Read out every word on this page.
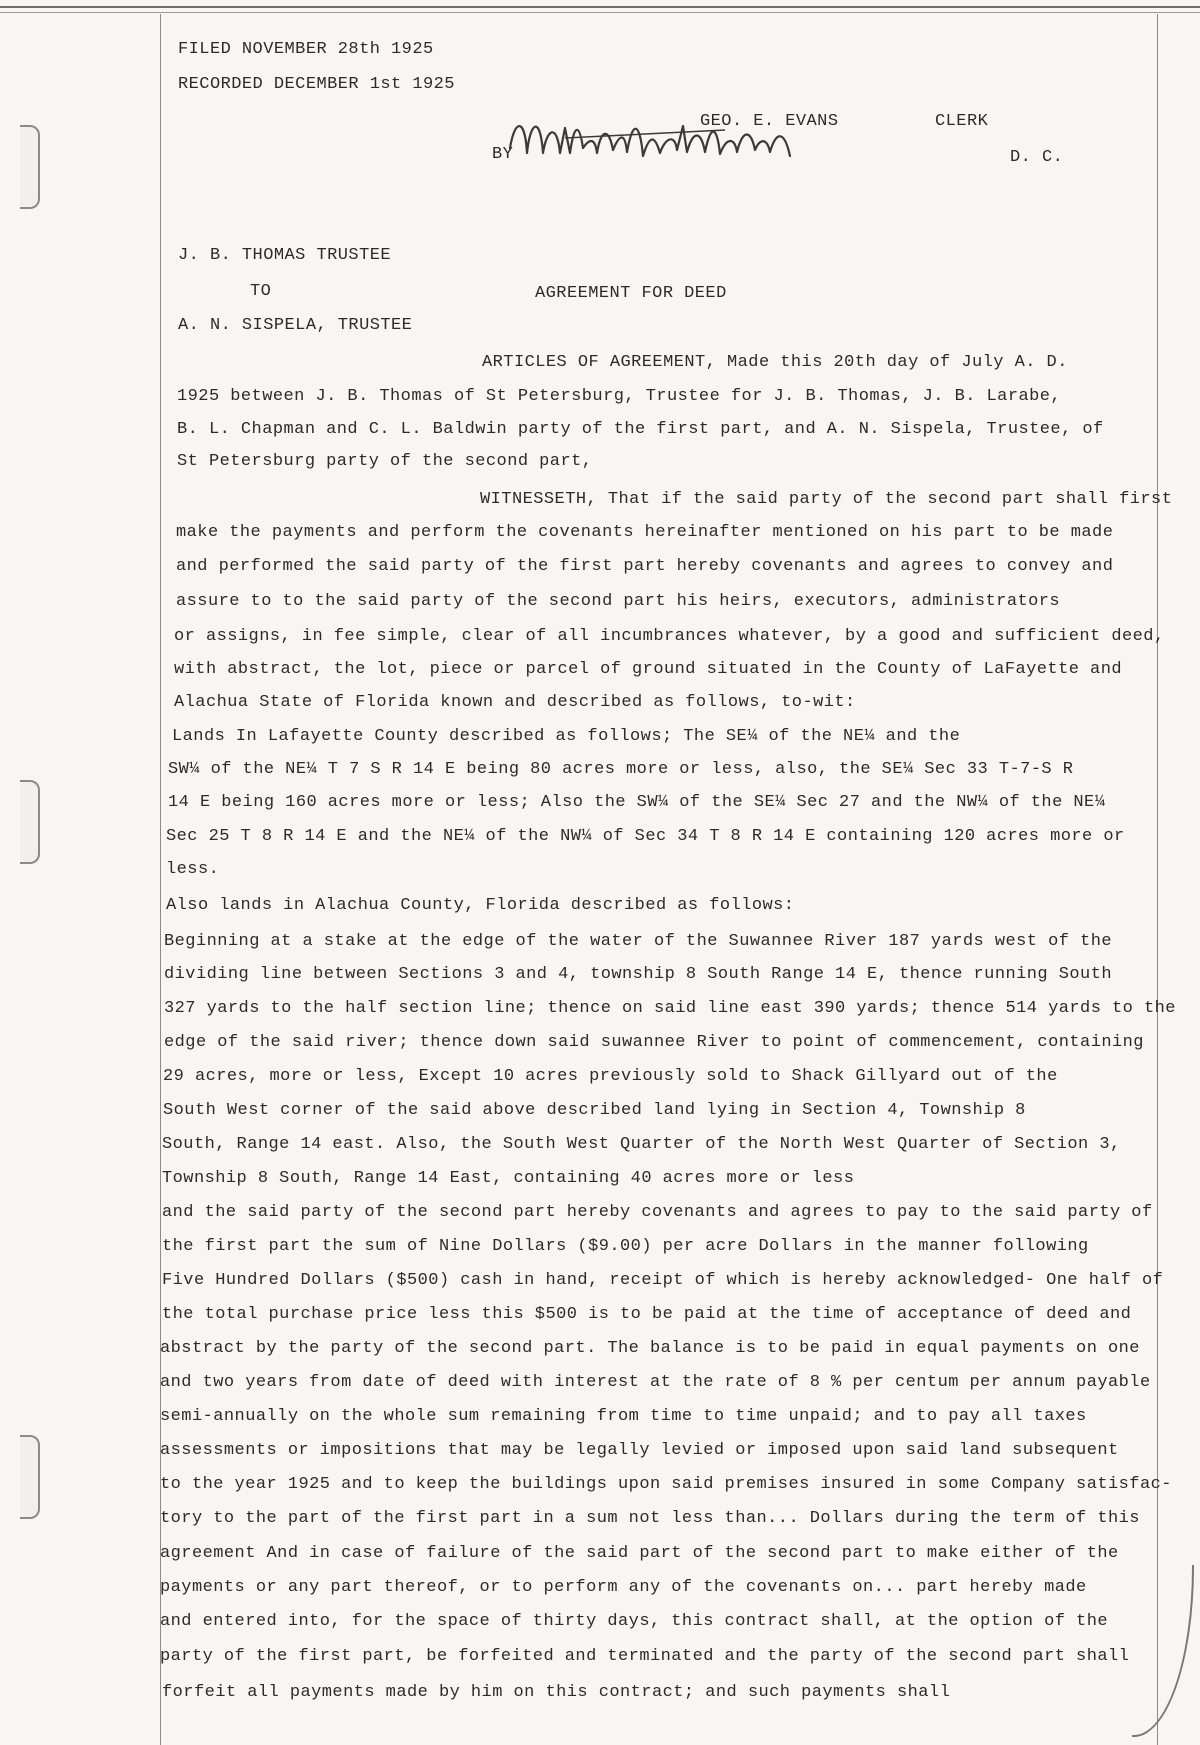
FILED NOVEMBER 28th 1925
RECORDED DECEMBER 1st 1925
GEO. E. EVANS	CLERK
BY	D. C.
J. B. THOMAS TRUSTEE
TO	AGREEMENT FOR DEED
A. N. SISPELA, TRUSTEE
ARTICLES OF AGREEMENT, Made this 20th day of July A. D.
1925 between J. B. Thomas of St Petersburg, Trustee for J. B. Thomas, J. B. Larabe,
B. L. Chapman and C. L. Baldwin party of the first part, and A. N. Sispela, Trustee, of
St Petersburg party of the second part,
WITNESSETH, That if the said party of the second part shall first
make the payments and perform the covenants hereinafter mentioned on his part to be made
and performed the said party of the first part hereby covenants and agrees to convey and
assure to to the said party of the second part his heirs, executors, administrators
or assigns, in fee simple, clear of all incumbrances whatever, by a good and sufficient deed,
with abstract, the lot, piece or parcel of ground situated in the County of LaFayette and
Alachua State of Florida known and described as follows, to-wit:
Lands In Lafayette County described as follows; The SE¼ of the NE¼ and the
SW¼ of the NE¼ T 7 S R 14 E being 80 acres more or less, also, the SE¼ Sec 33 T-7-S R
14 E being 160 acres more or less; Also the SW¼ of the SE¼ Sec 27 and the NW¼ of the NE¼
Sec 25 T 8 R 14 E and the NE¼ of the NW¼ of Sec 34 T 8 R 14 E containing 120 acres more or
less.
Also lands in Alachua County, Florida described as follows:
Beginning at a stake at the edge of the water of the Suwannee River 187 yards west of the
dividing line between Sections 3 and 4, township 8 South Range 14 E, thence running South
327 yards to the half section line; thence on said line east 390 yards; thence 514 yards to the
edge of the said river; thence down said suwannee River to point of commencement, containing
29 acres, more or less, Except 10 acres previously sold to Shack Gillyard out of the
South West corner of the said above described land lying in Section 4, Township 8
South, Range 14 east. Also, the South West Quarter of the North West Quarter of Section 3,
Township 8 South, Range 14 East, containing 40 acres more or less
and the said party of the second part hereby covenants and agrees to pay to the said party of
the first part the sum of Nine Dollars ($9.00) per acre Dollars in the manner following
Five Hundred Dollars ($500) cash in hand, receipt of which is hereby acknowledged- One half of
the total purchase price less this $500 is to be paid at the time of acceptance of deed and
abstract by the party of the second part. The balance is to be paid in equal payments on one
and two years from date of deed with interest at the rate of 8 % per centum per annum payable
semi-annually on the whole sum remaining from time to time unpaid; and to pay all taxes
assessments or impositions that may be legally levied or imposed upon said land subsequent
to the year 1925 and to keep the buildings upon said premises insured in some Company satisfac-
tory to the part of the first part in a sum not less than... Dollars during the term of this
agreement And in case of failure of the said part of the second part to make either of the
payments or any part thereof, or to perform any of the covenants on... part hereby made
and entered into, for the space of thirty days, this contract shall, at the option of the
party of the first part, be forfeited and terminated and the party of the second part shall
forfeit all payments made by him on this contract; and such payments shall
